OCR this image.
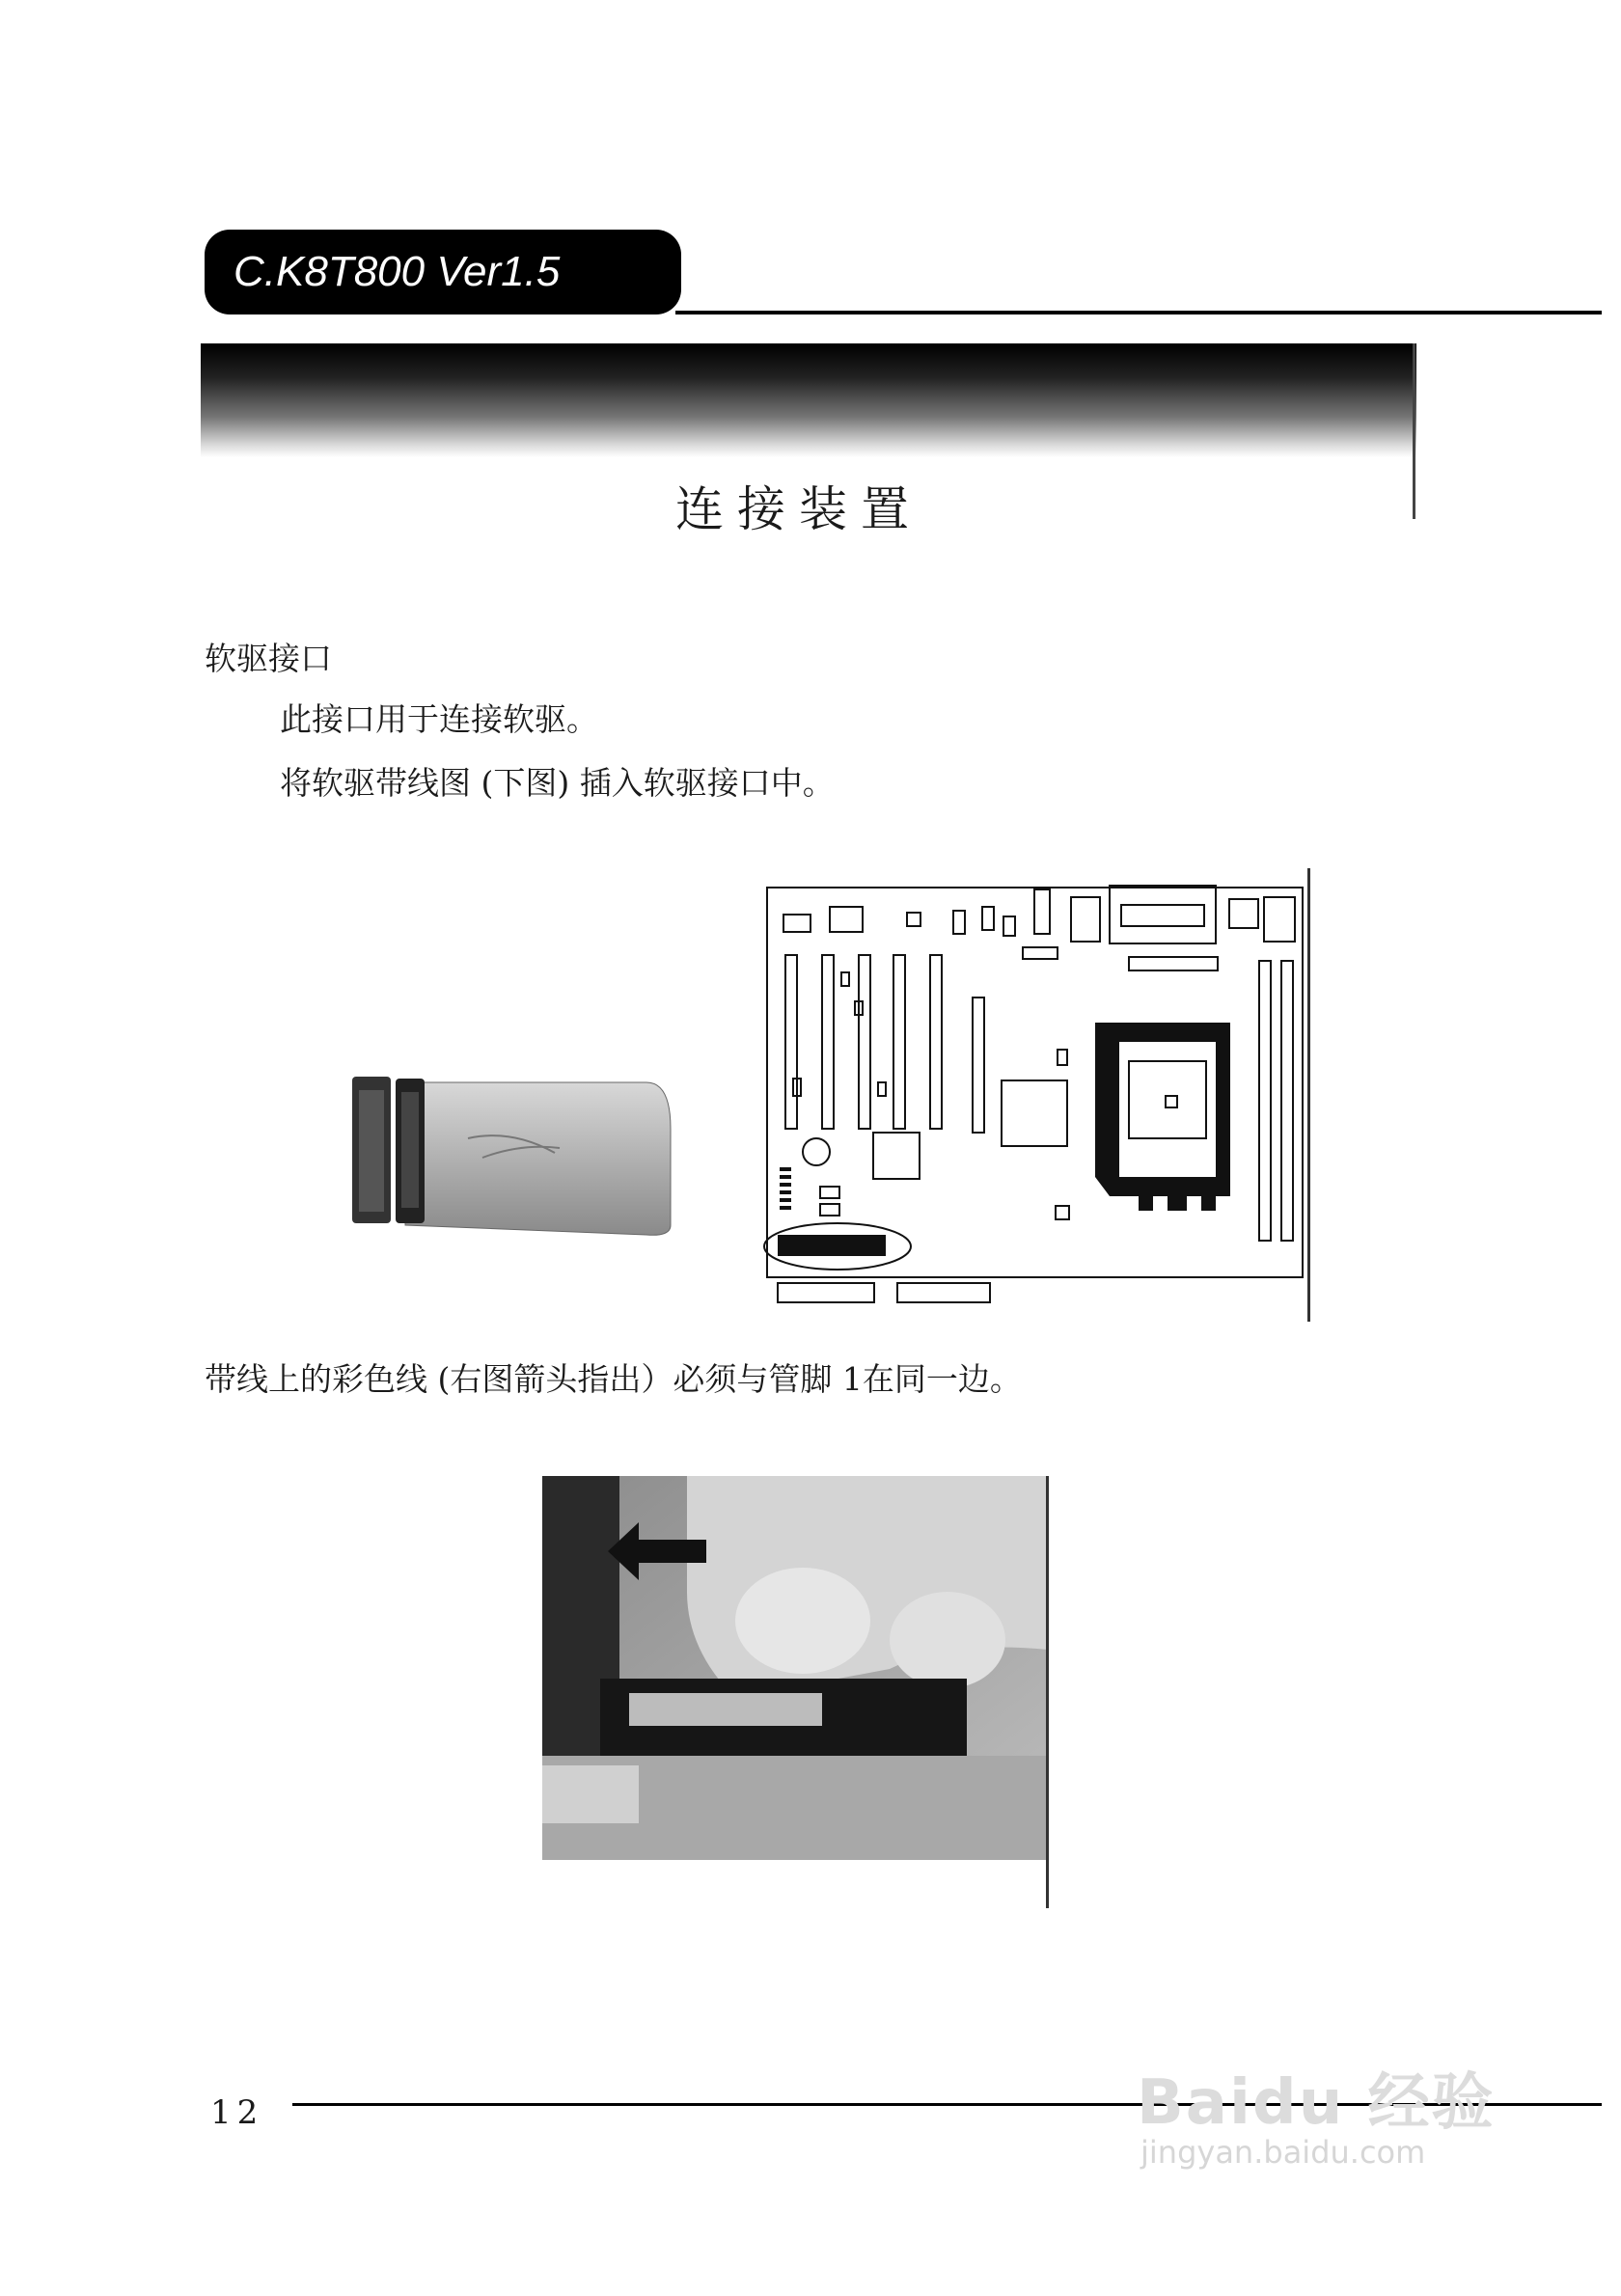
C.K8T800 Ver1.5
连接装置
软驱接口
此接口用于连接软驱。
将软驱带线图 (下图) 插入软驱接口中。
带线上的彩色线 (右图箭头指出）必须与管脚 1在同一边。
12	Baidu 经验
jingyan.baidu.com
